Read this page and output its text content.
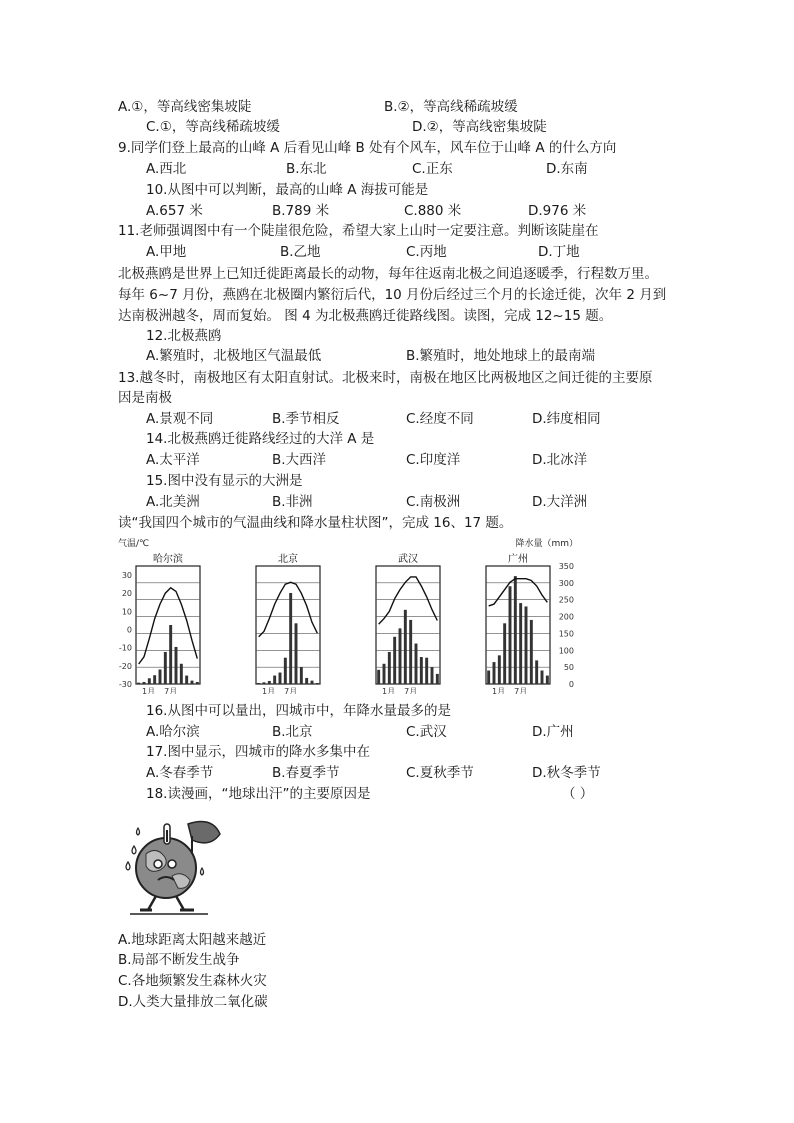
A.①，等高线密集坡陡	B.②，等高线稀疏坡缓
C.①，等高线稀疏坡缓	D.②，等高线密集坡陡
9.同学们登上最高的山峰 A 后看见山峰 B 处有个风车，风车位于山峰 A 的什么方向
A.西北	B.东北	C.正东	D.东南
10.从图中可以判断，最高的山峰 A 海拔可能是
A.657 米	B.789 米	C.880 米	D.976 米
11.老师强调图中有一个陡崖很危险，希望大家上山时一定要注意。判断该陡崖在
A.甲地	B.乙地	C.丙地	D.丁地
北极燕鸥是世界上已知迁徙距离最长的动物，每年往返南北极之间追逐暖季，行程数万里。
每年 6~7 月份，燕鸥在北极圈内繁衍后代，10 月份后经过三个月的长途迁徙，次年 2 月到
达南极洲越冬，周而复始。 图 4 为北极燕鸥迁徙路线图。读图，完成 12~15 题。
12.北极燕鸥
A.繁殖时，北极地区气温最低	B.繁殖时，地处地球上的最南端
13.越冬时，南极地区有太阳直射试。北极来时，南极在地区比两极地区之间迁徙的主要原
因是南极
A.景观不同	B.季节相反	C.经度不同	D.纬度相同
14.北极燕鸥迁徙路线经过的大洋 A 是
A.太平洋	B.大西洋	C.印度洋	D.北冰洋
15.图中没有显示的大洲是
A.北美洲	B.非洲	C.南极洲	D.大洋洲
读“我国四个城市的气温曲线和降水量柱状图”，完成 16、17 题。
气温/℃
30
20
10
0
-10
-20
-30
降水量（mm）
350
300
250
200
150
100
50
0
哈尔滨
1月 7月
北京
1月 7月
武汉
1月 7月
广州
1月 7月
16.从图中可以量出，四城市中，年降水量最多的是
A.哈尔滨	B.北京	C.武汉	D.广州
17.图中显示，四城市的降水多集中在
A.冬春季节	B.春夏季节	C.夏秋季节	D.秋冬季节
18.读漫画，“地球出汗”的主要原因是	（ ）
A.地球距离太阳越来越近
B.局部不断发生战争
C.各地频繁发生森林火灾
D.人类大量排放二氧化碳
